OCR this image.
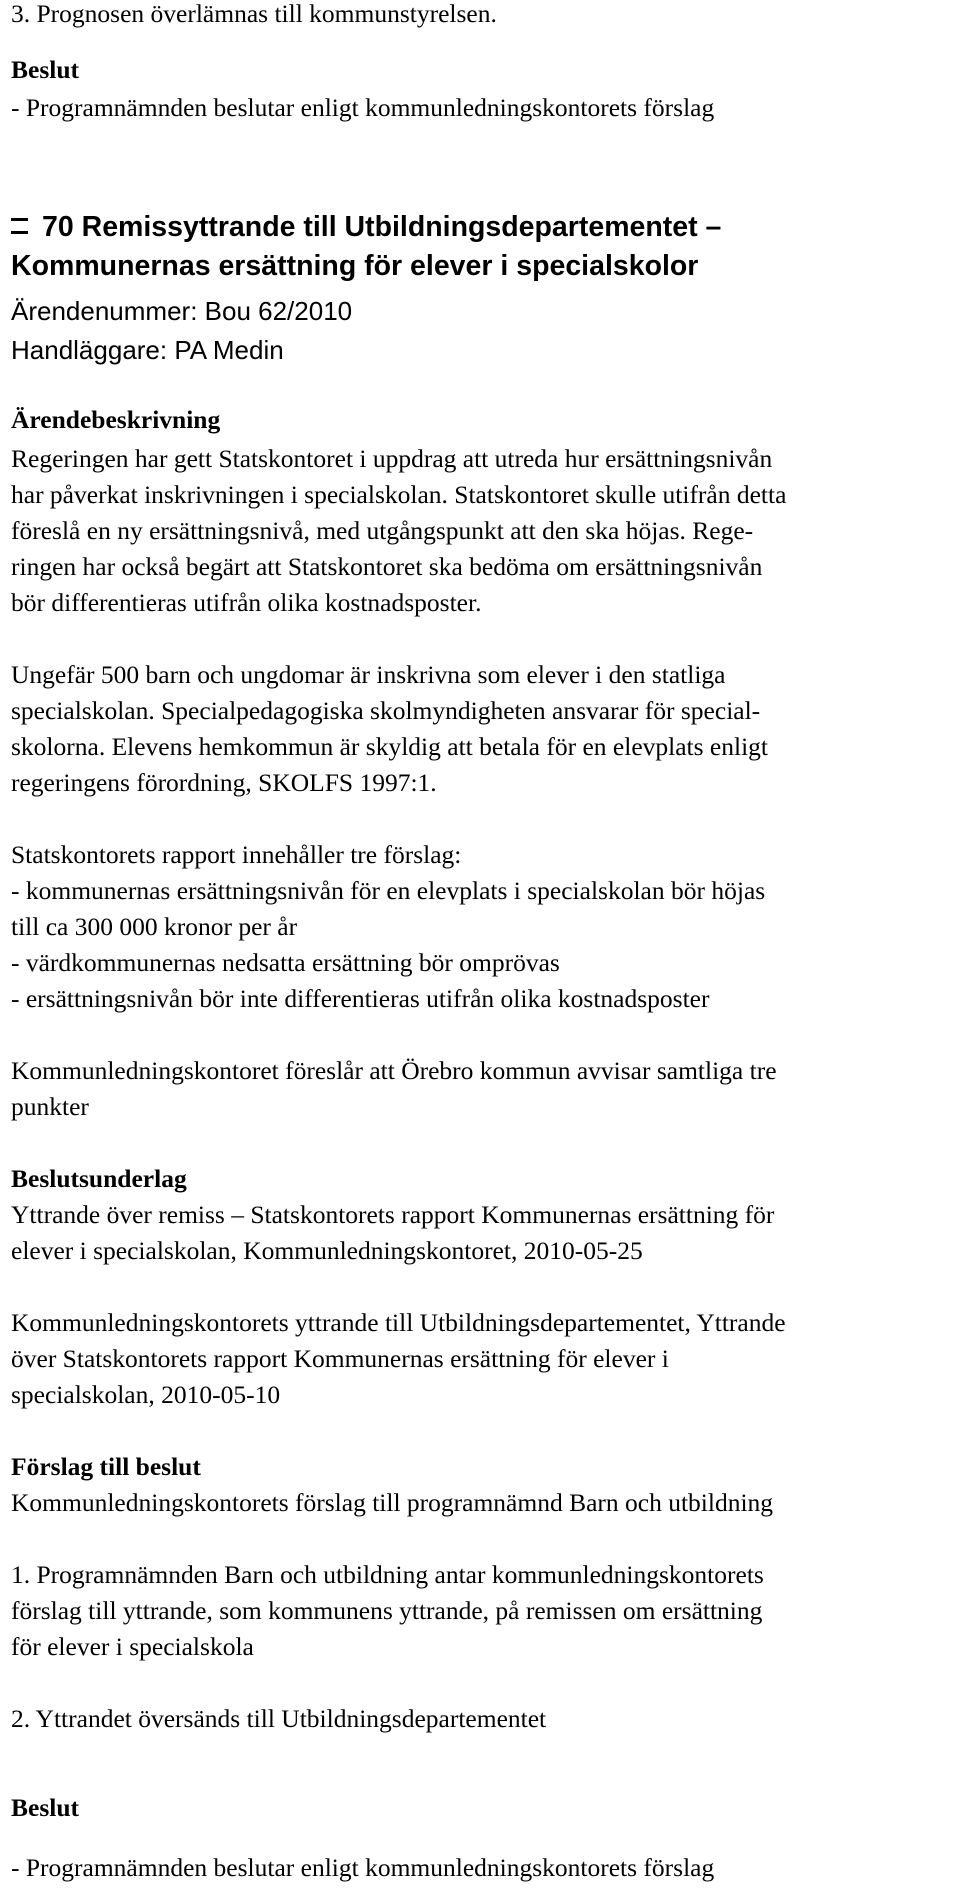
3. Prognosen överlämnas till kommunstyrelsen.

Beslut

- Programnämnden beslutar enligt kommunledningskontorets förslag

70 Remissyttrande till Utbildningsdepartementet –

Kommunernas ersättning för elever i specialskolor

Ärendenummer: Bou 62/2010

Handläggare: PA Medin

Ärendebeskrivning

Regeringen har gett Statskontoret i uppdrag att utreda hur ersättningsnivån

har påverkat inskrivningen i specialskolan. Statskontoret skulle utifrån detta

föreslå en ny ersättningsnivå, med utgångspunkt att den ska höjas. Rege-

ringen har också begärt att Statskontoret ska bedöma om ersättningsnivån

bör differentieras utifrån olika kostnadsposter.

Ungefär 500 barn och ungdomar är inskrivna som elever i den statliga

specialskolan. Specialpedagogiska skolmyndigheten ansvarar för special-

skolorna. Elevens hemkommun är skyldig att betala för en elevplats enligt

regeringens förordning, SKOLFS 1997:1.

Statskontorets rapport innehåller tre förslag:

- kommunernas ersättningsnivån för en elevplats i specialskolan bör höjas

till ca 300 000 kronor per år

- värdkommunernas nedsatta ersättning bör omprövas

- ersättningsnivån bör inte differentieras utifrån olika kostnadsposter

Kommunledningskontoret föreslår att Örebro kommun avvisar samtliga tre

punkter

Beslutsunderlag

Yttrande över remiss – Statskontorets rapport Kommunernas ersättning för

elever i specialskolan, Kommunledningskontoret, 2010-05-25

Kommunledningskontorets yttrande till Utbildningsdepartementet, Yttrande

över Statskontorets rapport Kommunernas ersättning för elever i

specialskolan, 2010-05-10

Förslag till beslut

Kommunledningskontorets förslag till programnämnd Barn och utbildning

1. Programnämnden Barn och utbildning antar kommunledningskontorets

förslag till yttrande, som kommunens yttrande, på remissen om ersättning

för elever i specialskola

2. Yttrandet översänds till Utbildningsdepartementet

Beslut

- Programnämnden beslutar enligt kommunledningskontorets förslag
